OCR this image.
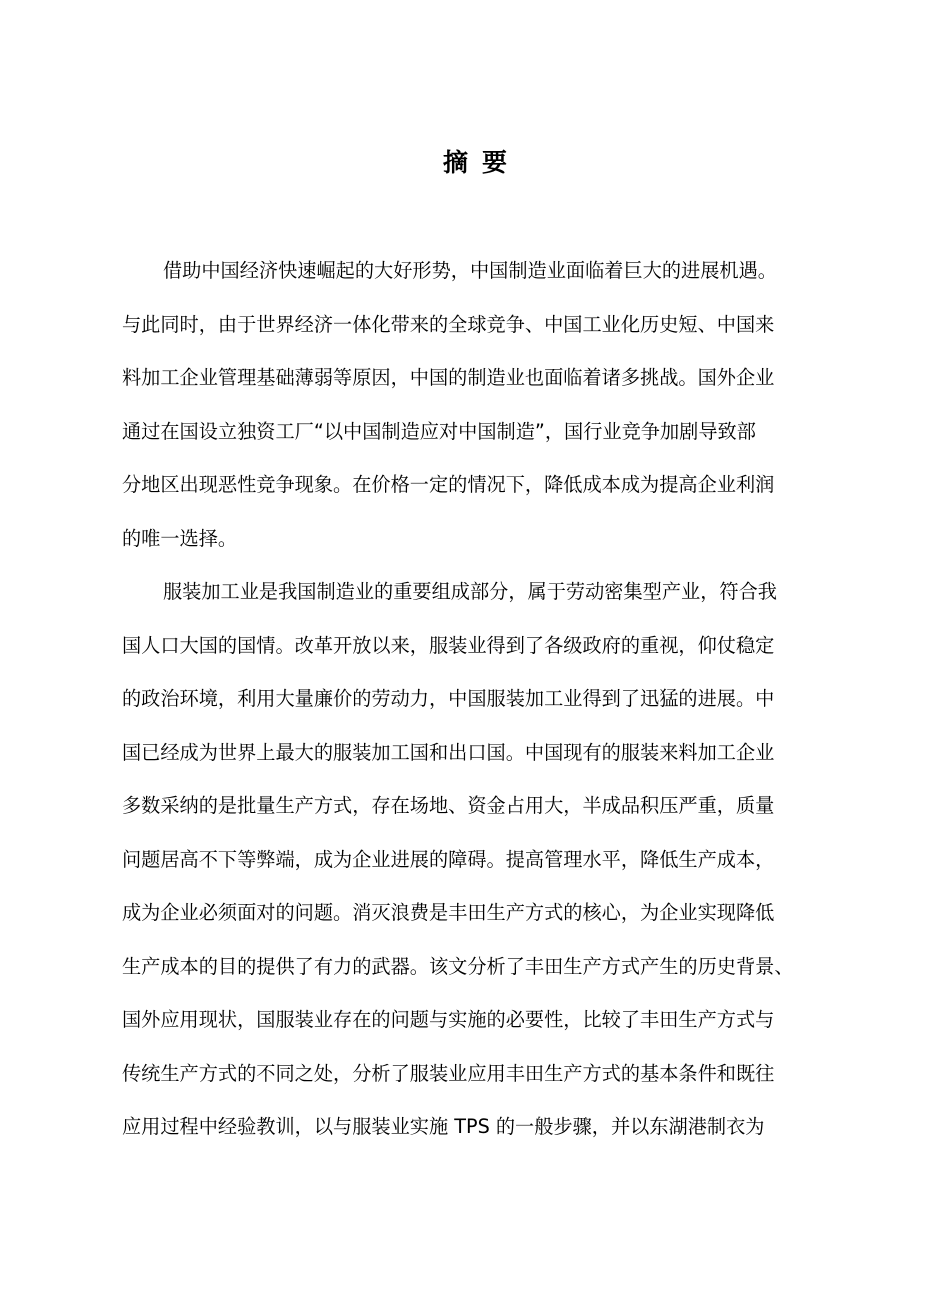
摘要
借助中国经济快速崛起的大好形势，中国制造业面临着巨大的进展机遇。
与此同时，由于世界经济一体化带来的全球竞争、中国工业化历史短、中国来
料加工企业管理基础薄弱等原因，中国的制造业也面临着诸多挑战。国外企业
通过在国设立独资工厂“以中国制造应对中国制造”，国行业竞争加剧导致部
分地区出现恶性竞争现象。在价格一定的情况下，降低成本成为提高企业利润
的唯一选择。
服装加工业是我国制造业的重要组成部分，属于劳动密集型产业，符合我
国人口大国的国情。改革开放以来，服装业得到了各级政府的重视，仰仗稳定
的政治环境，利用大量廉价的劳动力，中国服装加工业得到了迅猛的进展。中
国已经成为世界上最大的服装加工国和出口国。中国现有的服装来料加工企业
多数采纳的是批量生产方式，存在场地、资金占用大，半成品积压严重，质量
问题居高不下等弊端，成为企业进展的障碍。提高管理水平，降低生产成本，
成为企业必须面对的问题。消灭浪费是丰田生产方式的核心，为企业实现降低
生产成本的目的提供了有力的武器。该文分析了丰田生产方式产生的历史背景、
国外应用现状，国服装业存在的问题与实施的必要性，比较了丰田生产方式与
传统生产方式的不同之处，分析了服装业应用丰田生产方式的基本条件和既往
应用过程中经验教训，以与服装业实施 TPS 的一般步骤，并以东湖港制衣为
